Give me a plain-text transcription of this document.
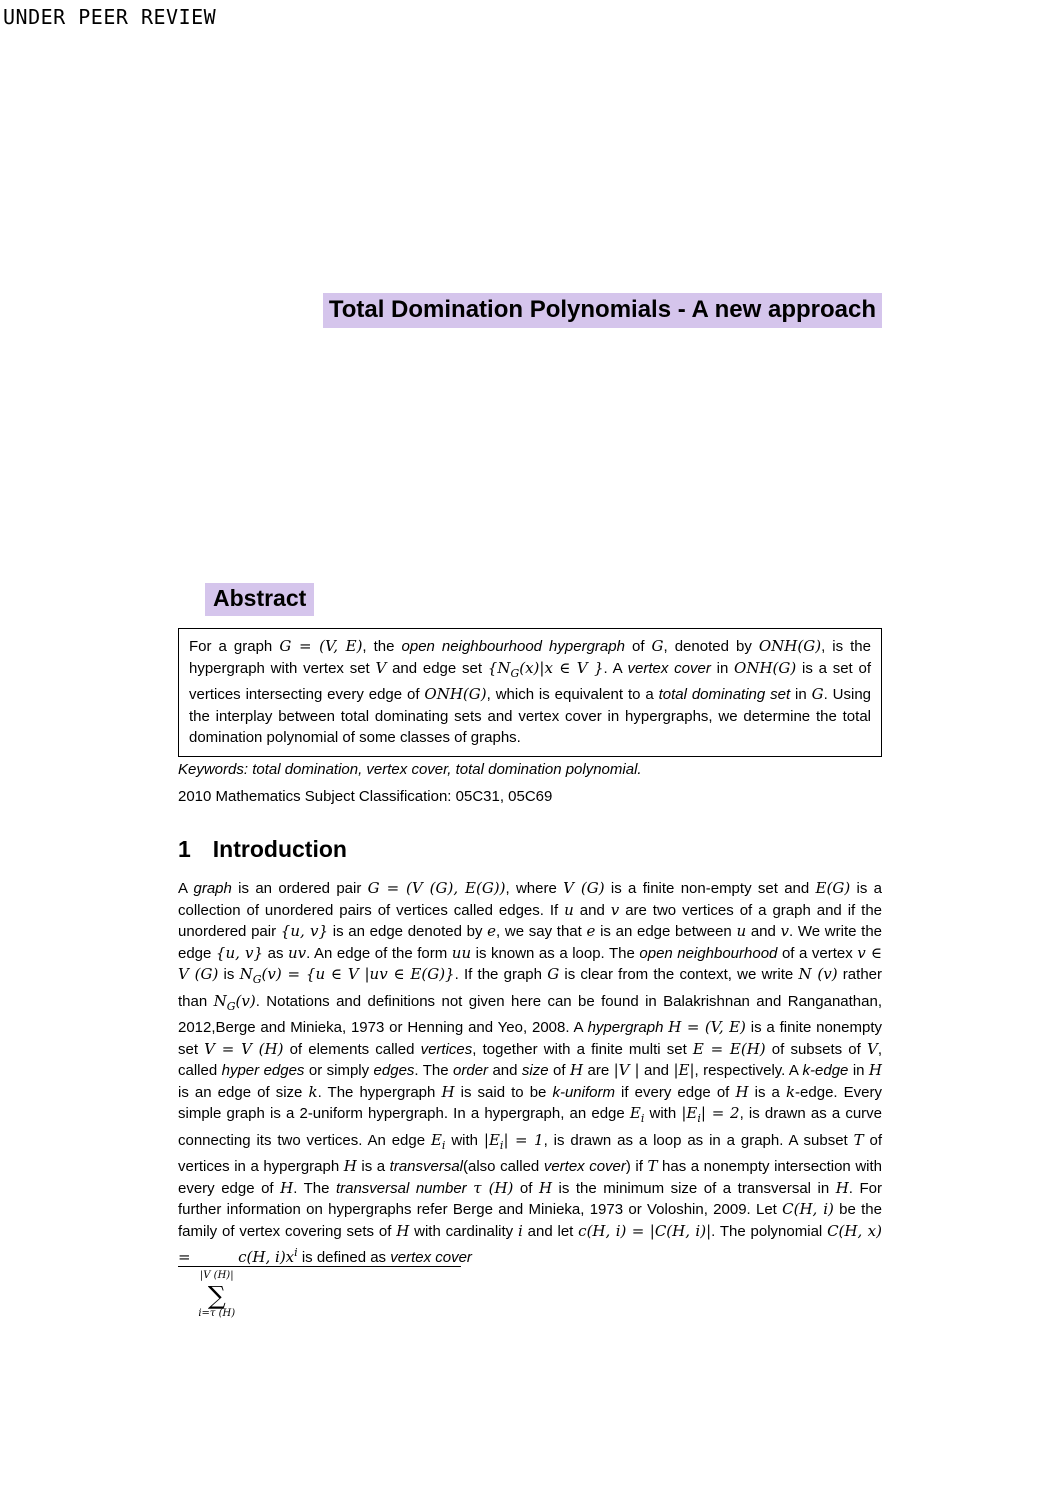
UNDER PEER REVIEW
Total Domination Polynomials - A new approach
Abstract
For a graph G = (V, E), the open neighbourhood hypergraph of G, denoted by ONH(G), is the hypergraph with vertex set V and edge set {$N_G(x)|x$ ∈ V }. A vertex cover in ONH(G) is a set of vertices intersecting every edge of ONH(G), which is equivalent to a total dominating set in G. Using the interplay between total dominating sets and vertex cover in hypergraphs, we determine the total domination polynomial of some classes of graphs.
Keywords: total domination, vertex cover, total domination polynomial.
2010 Mathematics Subject Classification: 05C31, 05C69
1 Introduction
A graph is an ordered pair G = (V (G), E(G)), where V (G) is a finite non-empty set and E(G) is a collection of unordered pairs of vertices called edges. If u and v are two vertices of a graph and if the unordered pair {u, v} is an edge denoted by e, we say that e is an edge between u and v. We write the edge {u, v} as uv. An edge of the form uu is known as a loop. The open neighbourhood of a vertex v ∈ V (G) is $N_G(v) = \{u$ ∈ V |uv ∈ E(G)}. If the graph G is clear from the context, we write N (v) rather than $N_G(v)$. Notations and definitions not given here can be found in Balakrishnan and Ranganathan, 2012,Berge and Minieka, 1973 or Henning and Yeo, 2008. A hypergraph H = (V, E) is a finite nonempty set V = V (H) of elements called vertices, together with a finite multi set E = E(H) of subsets of V, called hyper edges or simply edges. The order and size of H are |V | and |E|, respectively. A k-edge in H is an edge of size k. The hypergraph H is said to be k-uniform if every edge of H is a k-edge. Every simple graph is a 2-uniform hypergraph. In a hypergraph, an edge $E_i$ with $|E_i| = 2$, is drawn as a curve connecting its two vertices. An edge $E_i$ with $|E_i| = 1$, is drawn as a loop as in a graph. A subset T of vertices in a hypergraph H is a transversal(also called vertex cover) if T has a nonempty intersection with every edge of H. The transversal number τ (H) of H is the minimum size of a transversal in H. For further information on hypergraphs refer Berge and Minieka, 1973 or Voloshin, 2009. Let C(H, i) be the family of vertex covering sets of H with cardinality i and let c(H, i) = |C(H, i)|. The polynomial C(H, x) =
|V (H)|
∑
i=τ (H)
c(H, $i)x^i$ is defined as vertex cover
